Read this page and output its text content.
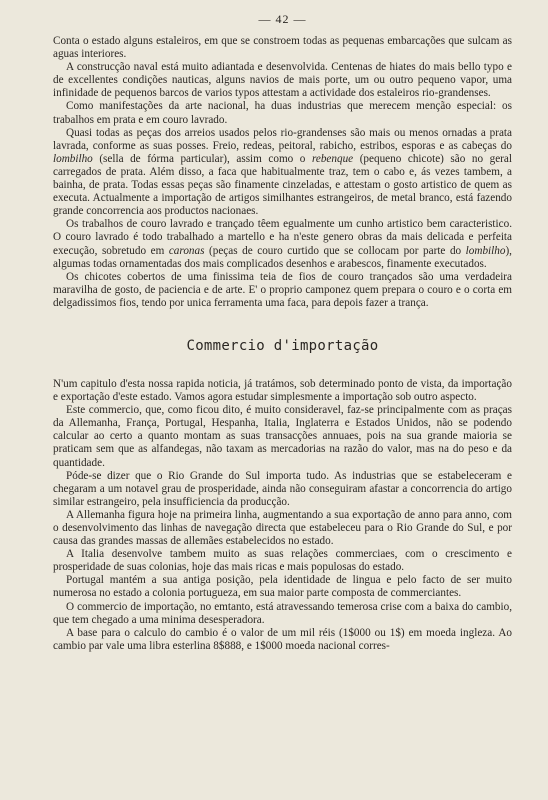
— 42 —

Conta o estado alguns estaleiros, em que se constroem todas as pequenas embarcações que sulcam as aguas interiores.

A construcção naval está muito adiantada e desenvolvida. Centenas de hiates do mais bello typo e de excellentes condições nauticas, alguns navios de mais porte, um ou outro pequeno vapor, uma infinidade de pequenos barcos de varios typos attestam a actividade dos estaleiros rio-grandenses.

Como manifestações da arte nacional, ha duas industrias que merecem menção especial: os trabalhos em prata e em couro lavrado.

Quasi todas as peças dos arreios usados pelos rio-grandenses são mais ou menos ornadas a prata lavrada, conforme as suas posses. Freio, redeas, peitoral, rabicho, estribos, esporas e as cabeças do lombilho (sella de fórma particular), assim como o rebenque (pequeno chicote) são no geral carregados de prata. Além disso, a faca que habitualmente traz, tem o cabo e, ás vezes tambem, a bainha, de prata. Todas essas peças são finamente cinzeladas, e attestam o gosto artistico de quem as executa. Actualmente a importação de artigos similhantes estrangeiros, de metal branco, está fazendo grande concorrencia aos productos nacionaes.

Os trabalhos de couro lavrado e trançado têem egualmente um cunho artistico bem caracteristico. O couro lavrado é todo trabalhado a martello e ha n'este genero obras da mais delicada e perfeita execução, sobretudo em caronas (peças de couro curtido que se collocam por parte do lombilho), algumas todas ornamentadas dos mais complicados desenhos e arabescos, finamente executados.

Os chicotes cobertos de uma finissima teia de fios de couro trançados são uma verdadeira maravilha de gosto, de paciencia e de arte. E' o proprio camponez quem prepara o couro e o corta em delgadissimos fios, tendo por unica ferramenta uma faca, para depois fazer a trança.

Commercio d'importação

N'um capitulo d'esta nossa rapida noticia, já tratámos, sob determinado ponto de vista, da importação e exportação d'este estado. Vamos agora estudar simplesmente a importação sob outro aspecto.

Este commercio, que, como ficou dito, é muito consideravel, faz-se principalmente com as praças da Allemanha, França, Portugal, Hespanha, Italia, Inglaterra e Estados Unidos, não se podendo calcular ao certo a quanto montam as suas transacções annuaes, pois na sua grande maioria se praticam sem que as alfandegas, não taxam as mercadorias na razão do valor, mas na do peso e da quantidade.

Póde-se dizer que o Rio Grande do Sul importa tudo. As industrias que se estabeleceram e chegaram a um notavel grau de prosperidade, ainda não conseguiram afastar a concorrencia do artigo similar estrangeiro, pela insufficiencia da producção.

A Allemanha figura hoje na primeira linha, augmentando a sua exportação de anno para anno, com o desenvolvimento das linhas de navegação directa que estabeleceu para o Rio Grande do Sul, e por causa das grandes massas de allemães estabelecidos no estado.

A Italia desenvolve tambem muito as suas relações commerciaes, com o crescimento e prosperidade de suas colonias, hoje das mais ricas e mais populosas do estado.

Portugal mantém a sua antiga posição, pela identidade de lingua e pelo facto de ser muito numerosa no estado a colonia portugueza, em sua maior parte composta de commerciantes.

O commercio de importação, no emtanto, está atravessando temerosa crise com a baixa do cambio, que tem chegado a uma minima desesperadora.

A base para o calculo do cambio é o valor de um mil réis (1$000 ou 1$) em moeda ingleza. Ao cambio par vale uma libra esterlina 8$888, e 1$000 moeda nacional corres-
